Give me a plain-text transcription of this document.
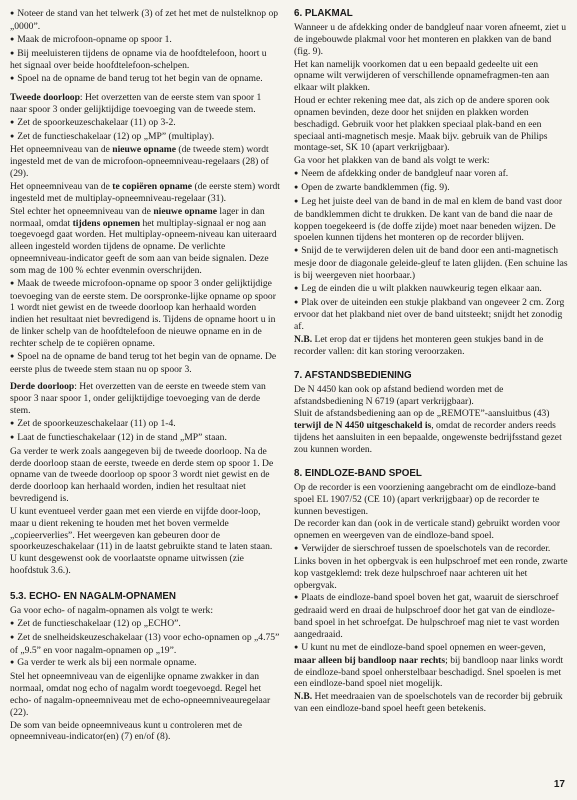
● Noteer de stand van het telwerk (3) of zet het met de nulstelknop op „0000”.

● Maak de microfoon-opname op spoor 1.

● Bij meeluisteren tijdens de opname via de hoofdtelefoon, hoort u het signaal over beide hoofdtelefoon-schelpen.

● Spoel na de opname de band terug tot het begin van de opname.

Tweede doorloop: Het overzetten van de eerste stem van spoor 1 naar spoor 3 onder gelijktijdige toevoeging van de tweede stem.

● Zet de spoorkeuzeschakelaar (11) op 3-2.

● Zet de functieschakelaar (12) op „MP” (multiplay).

Het opneemniveau van de nieuwe opname (de tweede stem) wordt ingesteld met de van de microfoon-opneemniveau-regelaars (28) of (29).

Het opneemniveau van de te copiëren opname (de eerste stem) wordt ingesteld met de multiplay-opneemniveau-regelaar (31).

Stel echter het opneemniveau van de nieuwe opname lager in dan normaal, omdat tijdens opnemen het multiplay-signaal er nog aan toegevoegd gaat worden. Het multiplay-opneem-niveau kan uiteraard alleen ingesteld worden tijdens de opname. De verlichte opneemniveau-indicator geeft de som aan van beide signalen. Deze som mag de 100 % echter evenmin overschrijden.

● Maak de tweede microfoon-opname op spoor 3 onder gelijktijdige toevoeging van de eerste stem. De oorspronke-lijke opname op spoor 1 wordt niet gewist en de tweede doorloop kan herhaald worden indien het resultaat niet bevredigend is. Tijdens de opname hoort u in de linker schelp van de hoofdtelefoon de nieuwe opname en in de rechter schelp de te copiëren opname.

● Spoel na de opname de band terug tot het begin van de opname. De eerste plus de tweede stem staan nu op spoor 3.

Derde doorloop: Het overzetten van de eerste en tweede stem van spoor 3 naar spoor 1, onder gelijktijdige toevoeging van de derde stem.

● Zet de spoorkeuzeschakelaar (11) op 1-4.

● Laat de functieschakelaar (12) in de stand „MP” staan.

Ga verder te werk zoals aangegeven bij de tweede doorloop. Na de derde doorloop staan de eerste, tweede en derde stem op spoor 1. De opname van de tweede doorloop op spoor 3 wordt niet gewist en de derde doorloop kan herhaald worden, indien het resultaat niet bevredigend is.

U kunt eventueel verder gaan met een vierde en vijfde door-loop, maar u dient rekening te houden met het boven vermelde „copieerverlies”. Het weergeven kan gebeuren door de spoorkeuzeschakelaar (11) in de laatst gebruikte stand te laten staan. U kunt desgewenst ook de voorlaatste opname uitwissen (zie hoofdstuk 3.6.).

5.3. ECHO- EN NAGALM-OPNAMEN

Ga voor echo- of nagalm-opnamen als volgt te werk:

● Zet de functieschakelaar (12) op „ECHO”.

● Zet de snelheidskeuzeschakelaar (13) voor echo-opnamen op „4.75” of „9.5” en voor nagalm-opnamen op „19”.

● Ga verder te werk als bij een normale opname.

Stel het opneemniveau van de eigenlijke opname zwakker in dan normaal, omdat nog echo of nagalm wordt toegevoegd. Regel het echo- of nagalm-opneemniveau met de echo-opneemniveauregelaar (22).

De som van beide opneemniveaus kunt u controleren met de opneemniveau-indicator(en) (7) en/of (8).

6. PLAKMAL

Wanneer u de afdekking onder de bandgleuf naar voren afneemt, ziet u de ingebouwde plakmal voor het monteren en plakken van de band (fig. 9).

Het kan namelijk voorkomen dat u een bepaald gedeelte uit een opname wilt verwijderen of verschillende opnamefragmen-ten aan elkaar wilt plakken.

Houd er echter rekening mee dat, als zich op de andere sporen ook opnamen bevinden, deze door het snijden en plakken worden beschadigd. Gebruik voor het plakken speciaal plak-band en een speciaal anti-magnetisch mesje. Maak bijv. gebruik van de Philips montage-set, SK 10 (apart verkrijgbaar).

Ga voor het plakken van de band als volgt te werk:

● Neem de afdekking onder de bandgleuf naar voren af.

● Open de zwarte bandklemmen (fig. 9).

● Leg het juiste deel van de band in de mal en klem de band vast door de bandklemmen dicht te drukken. De kant van de band die naar de koppen toegekeerd is (de doffe zijde) moet naar beneden wijzen. De spoelen kunnen tijdens het monteren op de recorder blijven.

● Snijd de te verwijderen delen uit de band door een anti-magnetisch mesje door de diagonale geleide-gleuf te laten glijden. (Een schuine las is bij weergeven niet hoorbaar.)

● Leg de einden die u wilt plakken nauwkeurig tegen elkaar aan.

● Plak over de uiteinden een stukje plakband van ongeveer 2 cm. Zorg ervoor dat het plakband niet over de band uitsteekt; snijdt het zonodig af.

N.B. Let erop dat er tijdens het monteren geen stukjes band in de recorder vallen: dit kan storing veroorzaken.

7. AFSTANDSBEDIENING

De N 4450 kan ook op afstand bediend worden met de afstandsbediening N 6719 (apart verkrijgbaar).

Sluit de afstandsbediening aan op de „REMOTE”-aansluitbus (43) terwijl de N 4450 uitgeschakeld is, omdat de recorder anders reeds tijdens het aansluiten in een bepaalde, ongewenste bedrijfsstand gezet zou kunnen worden.

8. EINDLOZE-BAND SPOEL

Op de recorder is een voorziening aangebracht om de eindloze-band spoel EL 1907/52 (CE 10) (apart verkrijgbaar) op de recorder te kunnen bevestigen.

De recorder kan dan (ook in de verticale stand) gebruikt worden voor opnemen en weergeven van de eindloze-band spoel.

● Verwijder de sierschroef tussen de spoelschotels van de recorder. Links boven in het opbergvak is een hulpschroef met een ronde, zwarte kop vastgeklemd: trek deze hulpschroef naar achteren uit het opbergvak.

● Plaats de eindloze-band spoel boven het gat, waaruit de sierschroef gedraaid werd en draai de hulpschroef door het gat van de eindloze-band spoel in het schroefgat. De hulpschroef mag niet te vast worden aangedraaid.

● U kunt nu met de eindloze-band spoel opnemen en weer-geven, maar alleen bij bandloop naar rechts; bij bandloop naar links wordt de eindloze-band spoel onherstelbaar beschadigd. Snel spoelen is met een eindloze-band spoel niet mogelijk.

N.B. Het meedraaien van de spoelschotels van de recorder bij gebruik van een eindloze-band spoel heeft geen betekenis.

17
